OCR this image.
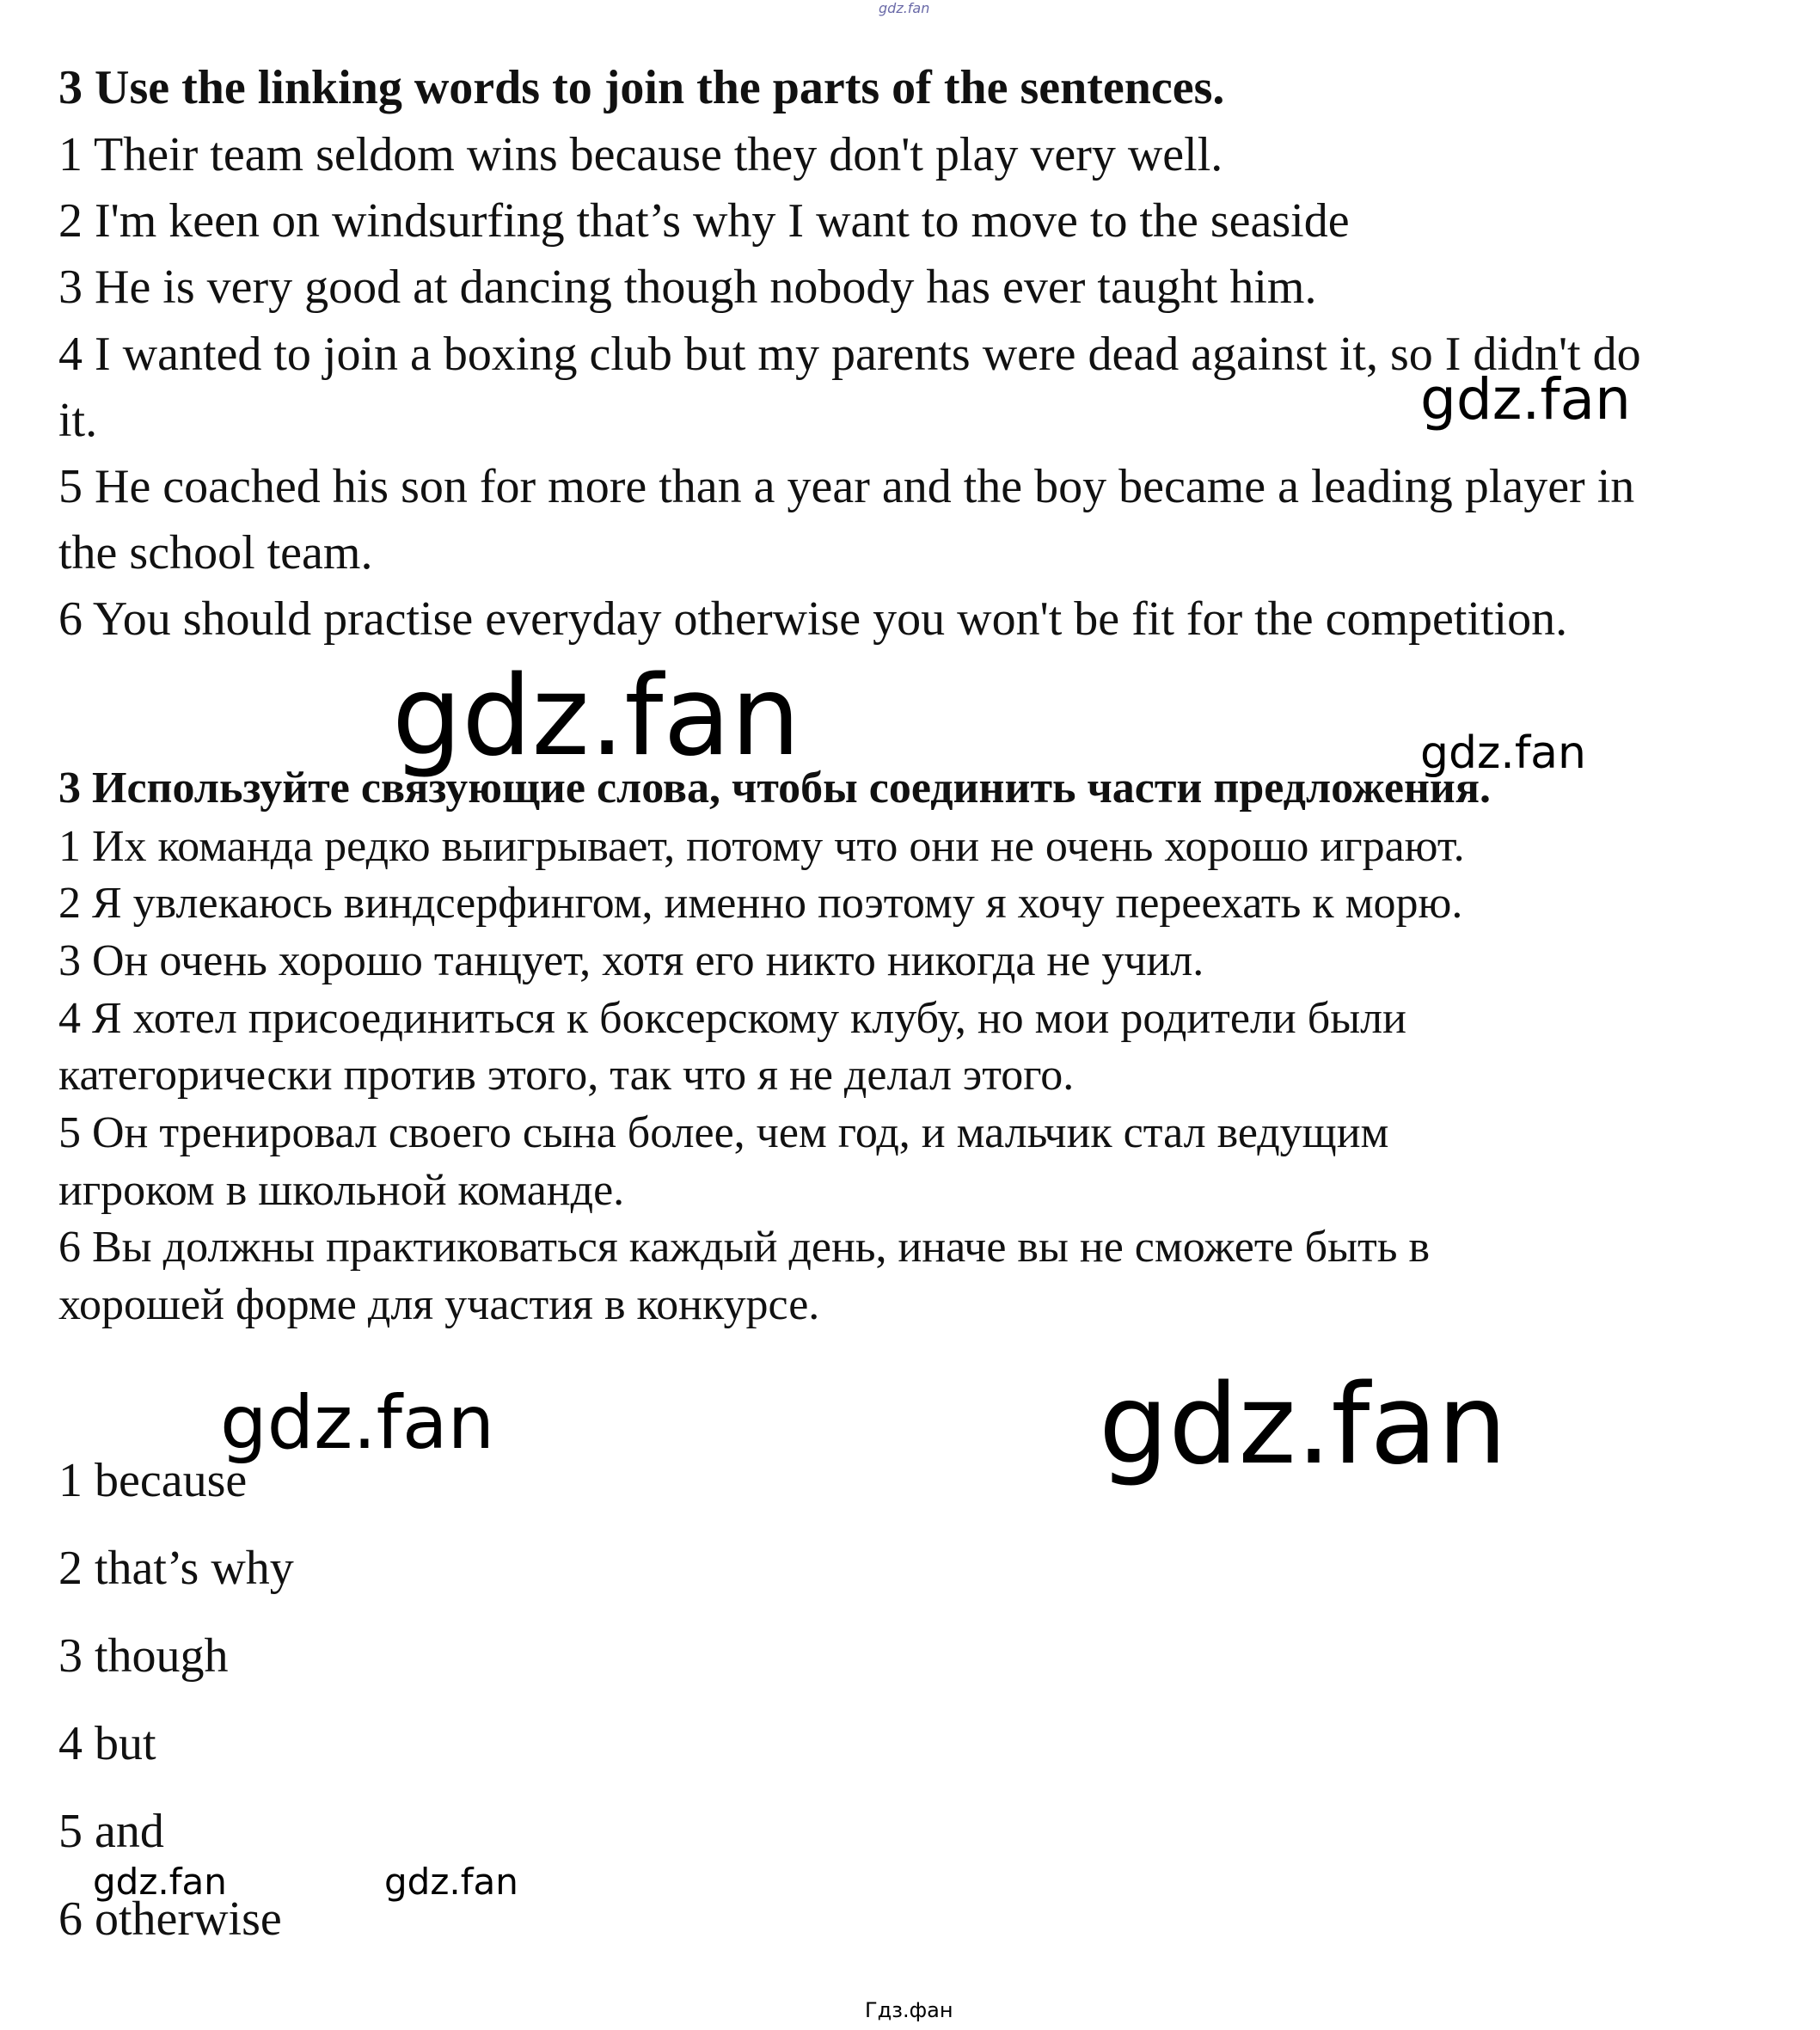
gdz.fan

3 Use the linking words to join the parts of the sentences.

1 Their team seldom wins because they don't play very well.

2 I'm keen on windsurfing that’s why I want to move to the seaside

3 He is very good at dancing though nobody has ever taught him.

4 I wanted to join a boxing club but my parents were dead against it, so I didn't do

it.

5 He coached his son for more than a year and the boy became a leading player in

the school team.

6 You should practise everyday otherwise you won't be fit for the competition.

gdz.fan
gdz.fan	gdz.fan

3 Используйте связующие слова, чтобы соединить части предложения.

1 Их команда редко выигрывает, потому что они не очень хорошо играют.

2 Я увлекаюсь виндсерфингом, именно поэтому я хочу переехать к морю.

3 Он очень хорошо танцует, хотя его никто никогда не учил.

4 Я хотел присоединиться к боксерскому клубу, но мои родители были

категорически против этого, так что я не делал этого.

5 Он тренировал своего сына более, чем год, и мальчик стал ведущим

игроком в школьной команде.

6 Вы должны практиковаться каждый день, иначе вы не сможете быть в

хорошей форме для участия в конкурсе.

gdz.fan	gdz.fan

1 because

2 that’s why

3 though

4 but

5 and

6 otherwise

gdz.fan	gdz.fan
Гдз.фан
